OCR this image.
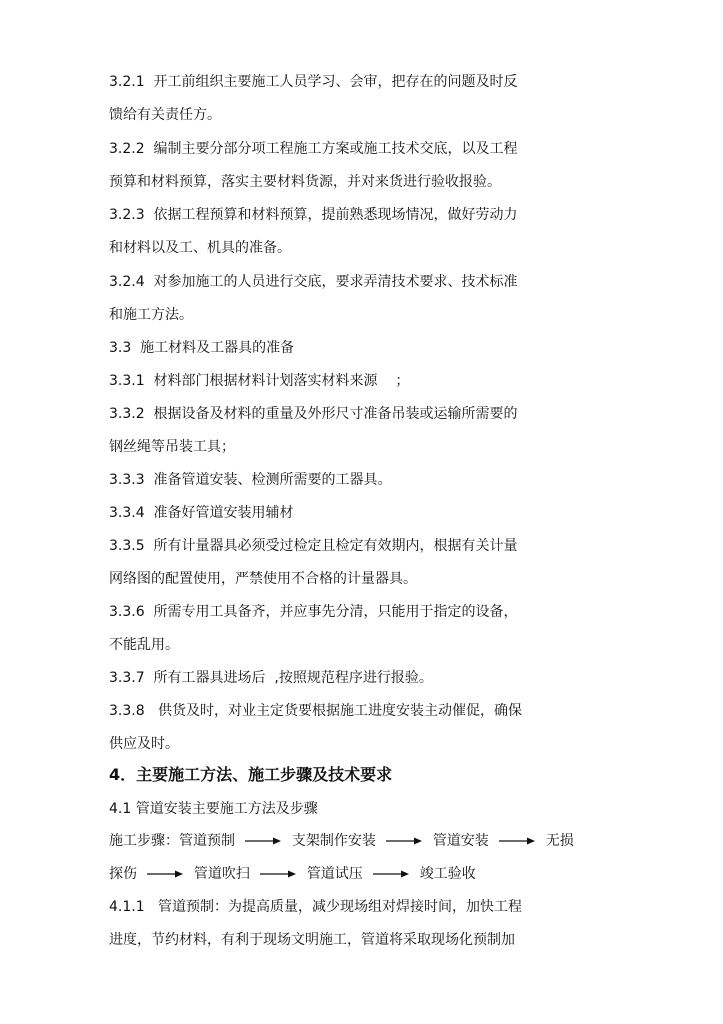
3.2.1  开工前组织主要施工人员学习、会审，把存在的问题及时反
馈给有关责任方。
3.2.2  编制主要分部分项工程施工方案或施工技术交底，以及工程
预算和材料预算，落实主要材料货源，并对来货进行验收报验。
3.2.3  依据工程预算和材料预算，提前熟悉现场情况，做好劳动力
和材料以及工、机具的准备。
3.2.4  对参加施工的人员进行交底，要求弄清技术要求、技术标准
和施工方法。
3.3  施工材料及工器具的准备
3.3.1  材料部门根据材料计划落实材料来源    ；
3.3.2  根据设备及材料的重量及外形尺寸准备吊装或运输所需要的
钢丝绳等吊装工具；
3.3.3  准备管道安装、检测所需要的工器具。
3.3.4  准备好管道安装用辅材
3.3.5  所有计量器具必须受过检定且检定有效期内，根据有关计量
网络图的配置使用，严禁使用不合格的计量器具。
3.3.6  所需专用工具备齐，并应事先分清，只能用于指定的设备，
不能乱用。
3.3.7  所有工器具进场后  ,按照规范程序进行报验。
3.3.8   供货及时，对业主定货要根据施工进度安装主动催促，确保
供应及时。
4．主要施工方法、施工步骤及技术要求
4.1 管道安装主要施工方法及步骤
施工步骤：管道预制	支架制作安装	管道安装	无损
探伤	管道吹扫	管道试压	竣工验收
4.1.1   管道预制：为提高质量，减少现场组对焊接时间，加快工程
进度，节约材料，有利于现场文明施工，管道将采取现场化预制加
